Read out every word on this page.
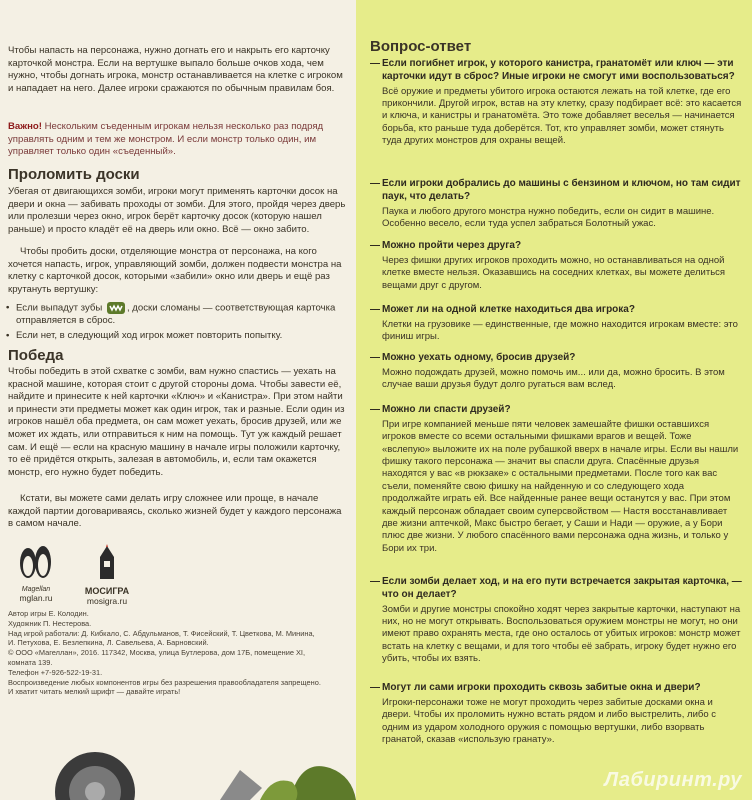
Чтобы напасть на персонажа, нужно догнать его и накрыть его карточку карточкой монстра. Если на вертушке выпало больше очков хода, чем нужно, чтобы догнать игрока, монстр останавливается на клетке с игроком и нападает на него. Далее игроки сражаются по обычным правилам боя.

Важно! Нескольким съеденным игрокам нельзя несколько раз подряд управлять одним и тем же монстром. И если монстр только один, им управляет только один «съеденный».

Проломить доски

Убегая от двигающихся зомби, игроки могут применять карточки досок на двери и окна — забивать проходы от зомби. Для этого, пройдя через дверь или пролезши через окно, игрок берёт карточку досок (которую нашел раньше) и просто кладёт её на дверь или окно. Всё — окно забито.

Чтобы пробить доски, отделяющие монстра от персонажа, на кого хочется напасть, игрок, управляющий зомби, должен подвести монстра на клетку с карточкой досок, которыми «забили» окно или дверь и ещё раз крутануть вертушку:

• Если выпадут зубы	, доски сломаны — соответствующая карточка отправляется в сброс.
• Если нет, в следующий ход игрок может повторить попытку.
Победа

Чтобы победить в этой схватке с зомби, вам нужно спастись — уехать на красной машине, которая стоит с другой стороны дома. Чтобы завести её, найдите и принесите к ней карточки «Ключ» и «Канистра». При этом найти и принести эти предметы может как один игрок, так и разные. Если один из игроков нашёл оба предмета, он сам может уехать, бросив друзей, или же может их ждать, или отправиться к ним на помощь. Тут уж каждый решает сам. И ещё — если на красную машину в начале игры положили карточку, то её придётся открыть, залезая в автомобиль, и, если там окажется монстр, его нужно будет победить.

Кстати, вы можете сами делать игру сложнее или проще, в начале каждой партии договариваясь, сколько жизней будет у каждого персонажа в самом начале.

Magellan
mglan.ru
МОСИГРА
mosigra.ru
Автор игры Е. Колодин.
Художник П. Нестерова.
Над игрой работали: Д. Кибкало, С. Абдульманов, Т. Фисейский, Т. Цветкова, М. Минина,
И. Петухова, Е. Безлепкина, Л. Савельева, А. Барновский.
© ООО «Магеллан», 2016. 117342, Москва, улица Бутлерова, дом 17Б, помещение XI,
комната 139.
Телефон +7-926-522-19-31.
Воспроизведение любых компонентов игры без разрешения правообладателя запрещено.
И хватит читать мелкий шрифт — давайте играть!
Вопрос-ответ
— Если погибнет игрок, у которого канистра, гранатомёт или ключ — эти карточки идут в сброс? Иные игроки не смогут ими воспользоваться?
Всё оружие и предметы убитого игрока остаются лежать на той клетке, где его прикончили. Другой игрок, встав на эту клетку, сразу подбирает всё: это касается и ключа, и канистры и гранатомёта. Это тоже добавляет веселья — начинается борьба, кто раньше туда доберётся. Тот, кто управляет зомби, может стянуть туда других монстров для охраны вещей.
— Если игроки добрались до машины с бензином и ключом, но там сидит паук, что делать?
Паука и любого другого монстра нужно победить, если он сидит в машине. Особенно весело, если туда успел забраться Болотный ужас.
— Можно пройти через друга?
Через фишки других игроков проходить можно, но останавливаться на одной клетке вместе нельзя. Оказавшись на соседних клетках, вы можете делиться вещами друг с другом.
— Может ли на одной клетке находиться два игрока?
Клетки на грузовике — единственные, где можно находится игрокам вместе: это финиш игры.
— Можно уехать одному, бросив друзей?
Можно подождать друзей, можно помочь им... или да, можно бросить. В этом случае ваши друзья будут долго ругаться вам вслед.
— Можно ли спасти друзей?
При игре компанией меньше пяти человек замешайте фишки оставшихся игроков вместе со всеми остальными фишками врагов и вещей. Тоже «вслепую» выложите их на поле рубашкой вверх в начале игры. Если вы нашли фишку такого персонажа — значит вы спасли друга. Спасённые друзья находятся у вас «в рюкзаке» с остальными предметами. После того как вас съели, поменяйте свою фишку на найденную и со следующего хода продолжайте играть ей. Все найденные ранее вещи останутся у вас. При этом каждый персонаж обладает своим суперсвойством — Настя восстанавливает две жизни аптечкой, Макс быстро бегает, у Саши и Нади — оружие, а у Бори плюс две жизни. У любого спасённого вами персонажа одна жизнь, и только у Бори их три.
— Если зомби делает ход, и на его пути встречается закрытая карточка, — что он делает?
Зомби и другие монстры спокойно ходят через закрытые карточки, наступают на них, но не могут открывать. Воспользоваться оружием монстры не могут, но они имеют право охранять места, где оно осталось от убитых игроков: монстр может встать на клетку с вещами, и для того чтобы её забрать, игроку будет нужно его убить, чтобы их взять.
— Могут ли сами игроки проходить сквозь забитые окна и двери?
Игроки-персонажи тоже не могут проходить через забитые досками окна и двери. Чтобы их проломить нужно встать рядом и либо выстрелить, либо с одним из ударом холодного оружия с помощью вертушки, либо взорвать гранатой, сказав «использую гранату».
Лабиринт.ру
